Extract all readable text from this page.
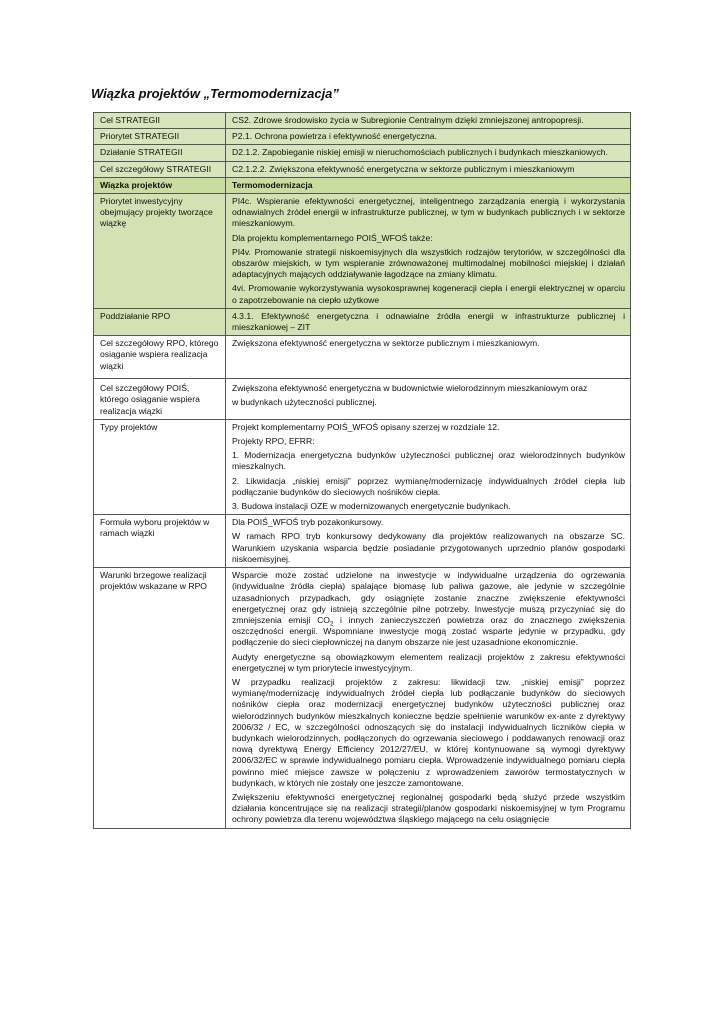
Wiązka projektów „Termomodernizacja”
Cel STRATEGII	CS2. Zdrowe środowisko życia w Subregionie Centralnym dzięki zmniejszonej antropopresji.
Priorytet STRATEGII	P2.1. Ochrona powietrza i efektywność energetyczna.
Działanie STRATEGII	D2.1.2. Zapobieganie niskiej emisji w nieruchomościach publicznych i budynkach mieszkaniowych.
Cel szczegółowy STRATEGII	C2.1.2.2. Zwiększona efektywność energetyczna w sektorze publicznym i mieszkaniowym
Wiązka projektów	Termomodernizacja
Priorytet inwestycyjny obejmujący projekty tworzące wiązkę	PI4c. Wspieranie efektywności energetycznej, inteligentnego zarządzania energią i wykorzystania odnawialnych źródeł energii w infrastrukturze publicznej, w tym w budynkach publicznych i w sektorze mieszkaniowym.
Dla projektu komplementarnego POIŚ_WFOŚ także:
PI4v. Promowanie strategii niskoemisyjnych dla wszystkich rodzajów terytoriów, w szczególności dla obszarów miejskich, w tym wspieranie zrównoważonej multimodalnej mobilności miejskiej i działań adaptacyjnych mających oddziaływanie łagodzące na zmiany klimatu.
4vi. Promowanie wykorzystywania wysokosprawnej kogeneracji ciepła i energii elektrycznej w oparciu o zapotrzebowanie na ciepło użytkowe

Poddziałanie RPO	4.3.1. Efektywność energetyczna i odnawialne źródła energii w infrastrukturze publicznej i mieszkaniowej – ZIT
Cel szczegółowy RPO, którego osiąganie wspiera realizacja wiązki	Zwiększona efektywność energetyczna w sektorze publicznym i mieszkaniowym.
Cel szczegółowy POIŚ, którego osiąganie wspiera realizacja wiązki	Zwiększona efektywność energetyczna w budownictwie wielorodzinnym mieszkaniowym oraz
w budynkach użyteczności publicznej.

Typy projektów	Projekt komplementarny POIŚ_WFOŚ opisany szerzej w rozdziale 12.
Projekty RPO, EFRR:
1. Modernizacja energetyczna budynków użyteczności publicznej oraz wielorodzinnych budynków mieszkalnych.
2. Likwidacja „niskiej emisji” poprzez wymianę/modernizację indywidualnych źródeł ciepła lub podłączanie budynków do sieciowych nośników ciepła.
3. Budowa instalacji OZE w modernizowanych energetycznie budynkach.

Formuła wyboru projektów w ramach wiązki	Dla POIŚ_WFOŚ tryb pozakonkursowy.
W ramach RPO tryb konkursowy dedykowany dla projektów realizowanych na obszarze SC. Warunkiem uzyskania wsparcia będzie posiadanie przygotowanych uprzednio planów gospodarki niskoemisyjnej.

Warunki brzegowe realizacji projektów wskazane w RPO	Wsparcie może zostać udzielone na inwestycje w indywidualne urządzenia do ogrzewania (indywidualne źródła ciepła) spalające biomasę lub paliwa gazowe, ale jedynie w szczególnie uzasadnionych przypadkach, gdy osiągnięte zostanie znaczne zwiększenie efektywności energetycznej oraz gdy istnieją szczególnie pilne potrzeby. Inwestycje muszą przyczyniać się do zmniejszenia emisji $CO_2$ i innych zanieczyszczeń powietrza oraz do znacznego zwiększenia oszczędności energii. Wspomniane inwestycje mogą zostać wsparte jedynie w przypadku, gdy podłączenie do sieci ciepłowniczej na danym obszarze nie jest uzasadnione ekonomicznie.
Audyty energetyczne są obowiązkowym elementem realizacji projektów z zakresu efektywności energetycznej w tym priorytecie inwestycyjnym.
W przypadku realizacji projektów z zakresu: likwidacji tzw. „niskiej emisji” poprzez wymianę/modernizację indywidualnych źródeł ciepła lub podłączanie budynków do sieciowych nośników ciepła oraz modernizacji energetycznej budynków użyteczności publicznej oraz wielorodzinnych budynków mieszkalnych konieczne będzie spełnienie warunków ex-ante z dyrektywy 2006/32 / EC, w szczególności odnoszących się do instalacji indywidualnych liczników ciepła w budynkach wielorodzinnych, podłączonych do ogrzewania sieciowego i poddawanych renowacji oraz nową dyrektywą Energy Efficiency 2012/27/EU, w której kontynuowane są wymogi dyrektywy 2006/32/EC w sprawie indywidualnego pomiaru ciepła. Wprowadzenie indywidualnego pomiaru ciepła powinno mieć miejsce zawsze w połączeniu z wprowadzeniem zaworów termostatycznych w budynkach, w których nie zostały one jeszcze zamontowane.
Zwiększeniu efektywności energetycznej regionalnej gospodarki będą służyć przede wszystkim działania koncentrujące się na realizacji strategii/planów gospodarki niskoemisyjnej w tym Programu ochrony powietrza dla terenu województwa śląskiego mającego na celu osiągnięcie
